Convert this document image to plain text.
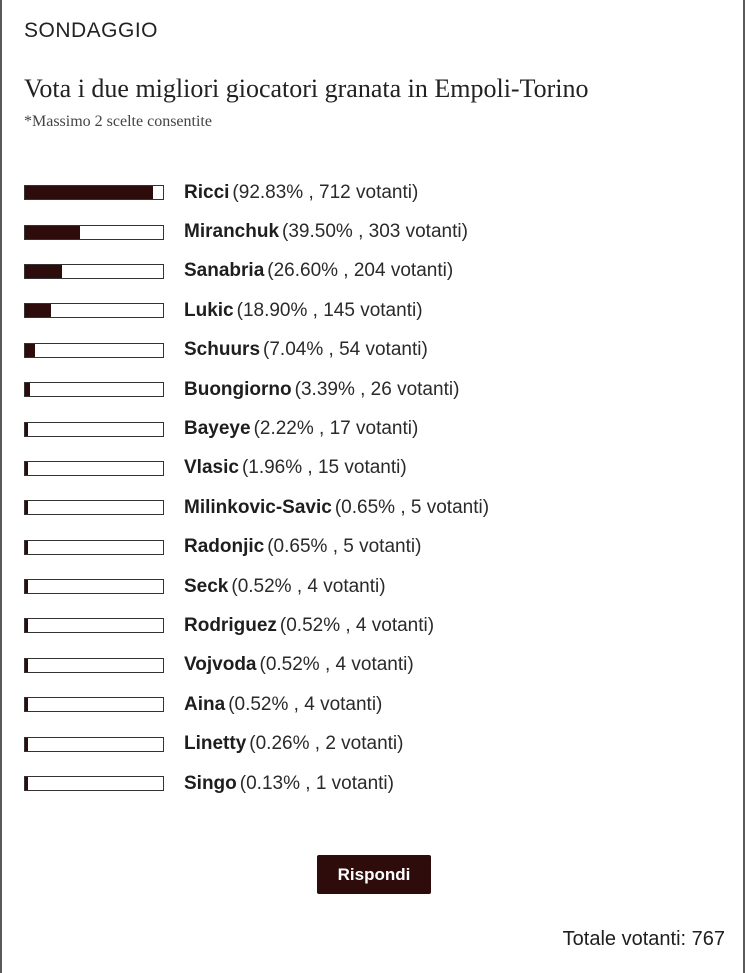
SONDAGGIO
Vota i due migliori giocatori granata in Empoli-Torino
*Massimo 2 scelte consentite
Ricci (92.83% , 712 votanti)
Miranchuk (39.50% , 303 votanti)
Sanabria (26.60% , 204 votanti)
Lukic (18.90% , 145 votanti)
Schuurs (7.04% , 54 votanti)
Buongiorno (3.39% , 26 votanti)
Bayeye (2.22% , 17 votanti)
Vlasic (1.96% , 15 votanti)
Milinkovic-Savic (0.65% , 5 votanti)
Radonjic (0.65% , 5 votanti)
Seck (0.52% , 4 votanti)
Rodriguez (0.52% , 4 votanti)
Vojvoda (0.52% , 4 votanti)
Aina (0.52% , 4 votanti)
Linetty (0.26% , 2 votanti)
Singo (0.13% , 1 votanti)
Rispondi
Totale votanti: 767
